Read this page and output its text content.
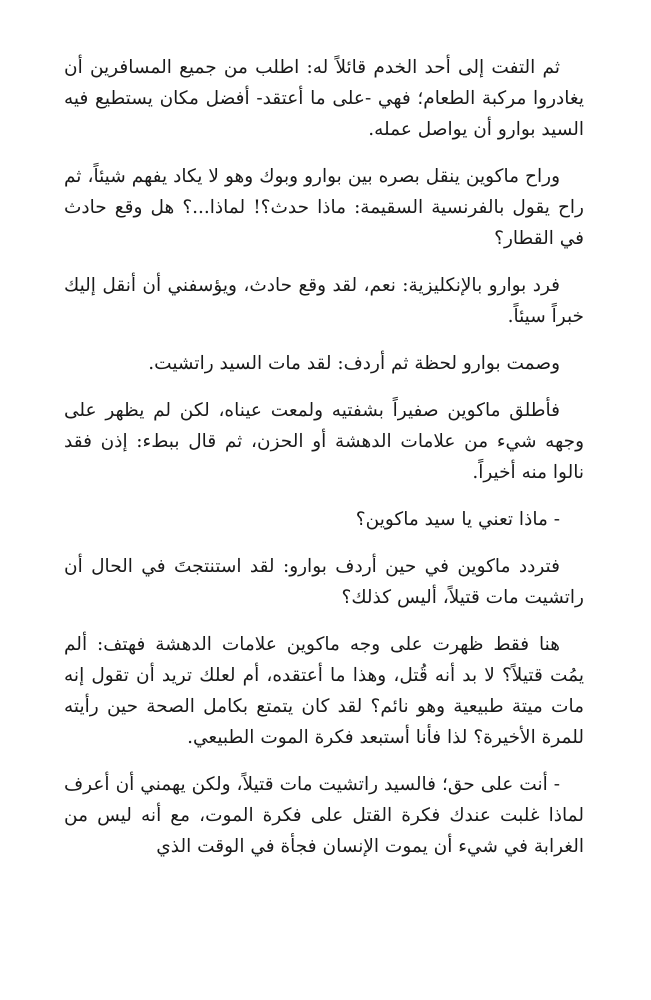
ثم التفت إلى أحد الخدم قائلاً له: اطلب من جميع المسافرين أن يغادروا مركبة الطعام؛ فهي -على ما أعتقد- أفضل مكان يستطيع فيه السيد بوارو أن يواصل عمله.

وراح ماكوين ينقل بصره بين بوارو وبوك وهو لا يكاد يفهم شيئاً، ثم راح يقول بالفرنسية السقيمة: ماذا حدث؟! لماذا...؟ هل وقع حادث في القطار؟

فرد بوارو بالإنكليزية: نعم، لقد وقع حادث، ويؤسفني أن أنقل إليك خبراً سيئاً.

وصمت بوارو لحظة ثم أردف: لقد مات السيد راتشيت.

فأطلق ماكوين صفيراً بشفتيه ولمعت عيناه، لكن لم يظهر على وجهه شيء من علامات الدهشة أو الحزن، ثم قال ببطء: إذن فقد نالوا منه أخيراً.

- ماذا تعني يا سيد ماكوين؟

فتردد ماكوين في حين أردف بوارو: لقد استنتجتَ في الحال أن راتشيت مات قتيلاً، أليس كذلك؟

هنا فقط ظهرت على وجه ماكوين علامات الدهشة فهتف: ألم يمُت قتيلاً؟ لا بد أنه قُتل، وهذا ما أعتقده، أم لعلك تريد أن تقول إنه مات ميتة طبيعية وهو نائم؟ لقد كان يتمتع بكامل الصحة حين رأيته للمرة الأخيرة؟ لذا فأنا أستبعد فكرة الموت الطبيعي.

- أنت على حق؛ فالسيد راتشيت مات قتيلاً، ولكن يهمني أن أعرف لماذا غلبت عندك فكرة القتل على فكرة الموت، مع أنه ليس من الغرابة في شيء أن يموت الإنسان فجأة في الوقت الذي
